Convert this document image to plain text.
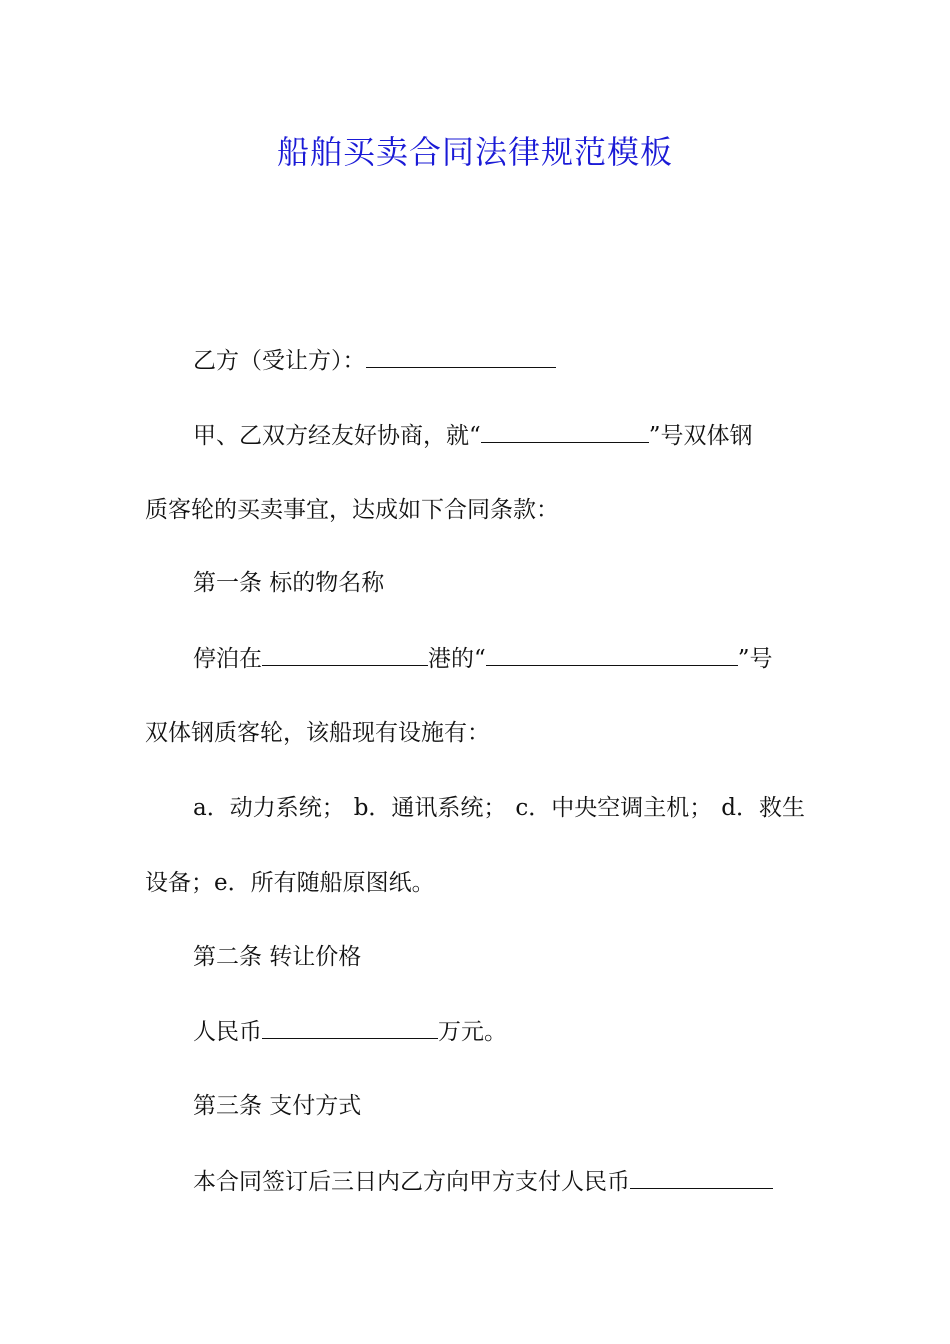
船舶买卖合同法律规范模板
乙方（受让方）：
甲、乙双方经友好协商，就“	”号双体钢
质客轮的买卖事宜，达成如下合同条款：
第一条 标的物名称
停泊在	港的“	”号
双体钢质客轮，该船现有设施有：
a．动力系统； b．通讯系统； c．中央空调主机； d．救生
设备；e．所有随船原图纸。
第二条 转让价格
人民币	万元。
第三条 支付方式
本合同签订后三日内乙方向甲方支付人民币
